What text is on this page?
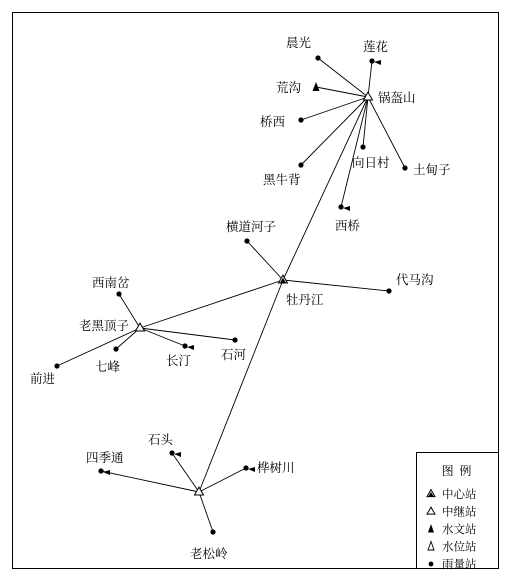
晨光	莲花
荒沟
锅盔山
桥西
向日村 土甸子
黑牛背
西桥
横道河子
代马沟
牡丹江
西南岔
老黑顶子
前进
七峰	长汀 石河
石头
四季通
桦树川
老松岭
图 例
中心站
中继站
水文站
水位站
雨量站
